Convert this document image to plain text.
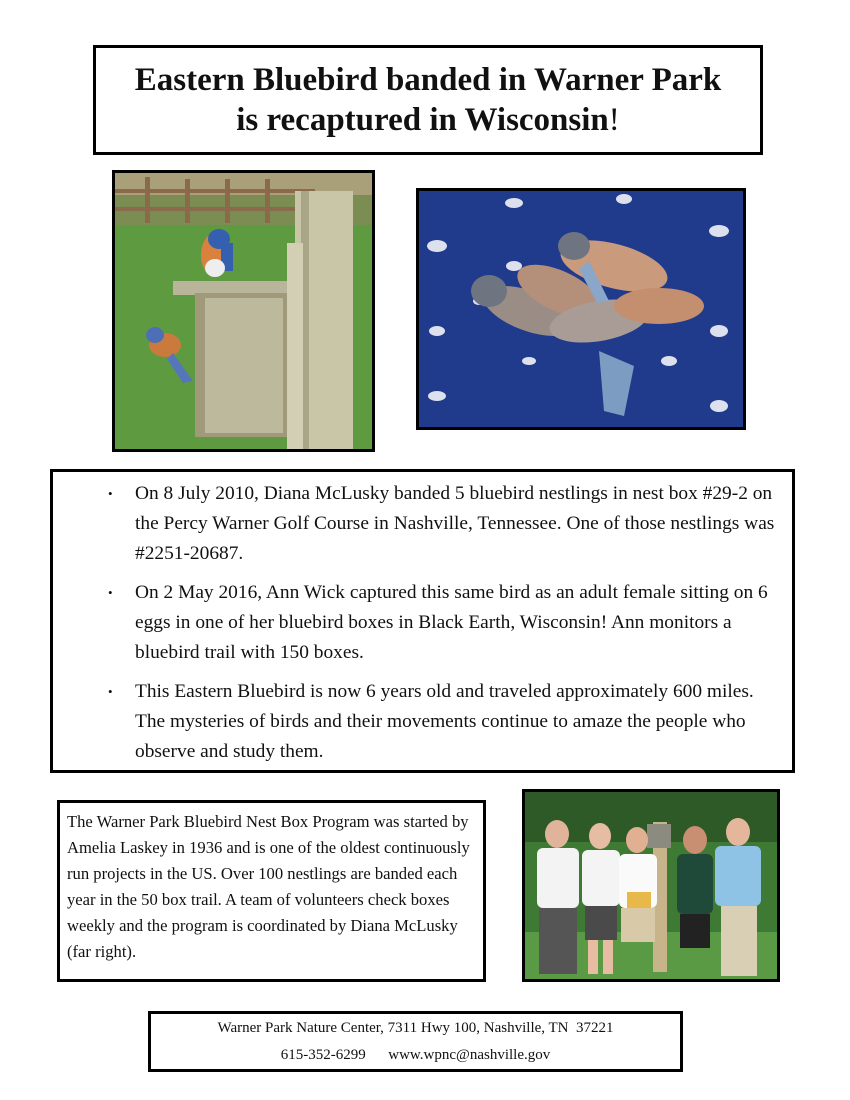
Eastern Bluebird banded in Warner Park
is recaptured in Wisconsin!
• On 8 July 2010, Diana McLusky banded 5 bluebird nestlings in nest box #29-2 on the Percy Warner Golf Course in Nashville, Tennessee. One of those nestlings was #2251-20687.
• On 2 May 2016, Ann Wick captured this same bird as an adult female sitting on 6 eggs in one of her bluebird boxes in Black Earth, Wisconsin! Ann monitors a bluebird trail with 150 boxes.
• This Eastern Bluebird is now 6 years old and traveled approximately 600 miles. The mysteries of birds and their movements continue to amaze the people who observe and study them.

The Warner Park Bluebird Nest Box Program was started by Amelia Laskey in 1936 and is one of the oldest continuously run projects in the US. Over 100 nestlings are banded each year in the 50 box trail. A team of volunteers check boxes weekly and the program is coordinated by Diana McLusky (far right).

Warner Park Nature Center, 7311 Hwy 100, Nashville, TN  37221
615-352-6299      www.wpnc@nashville.gov
